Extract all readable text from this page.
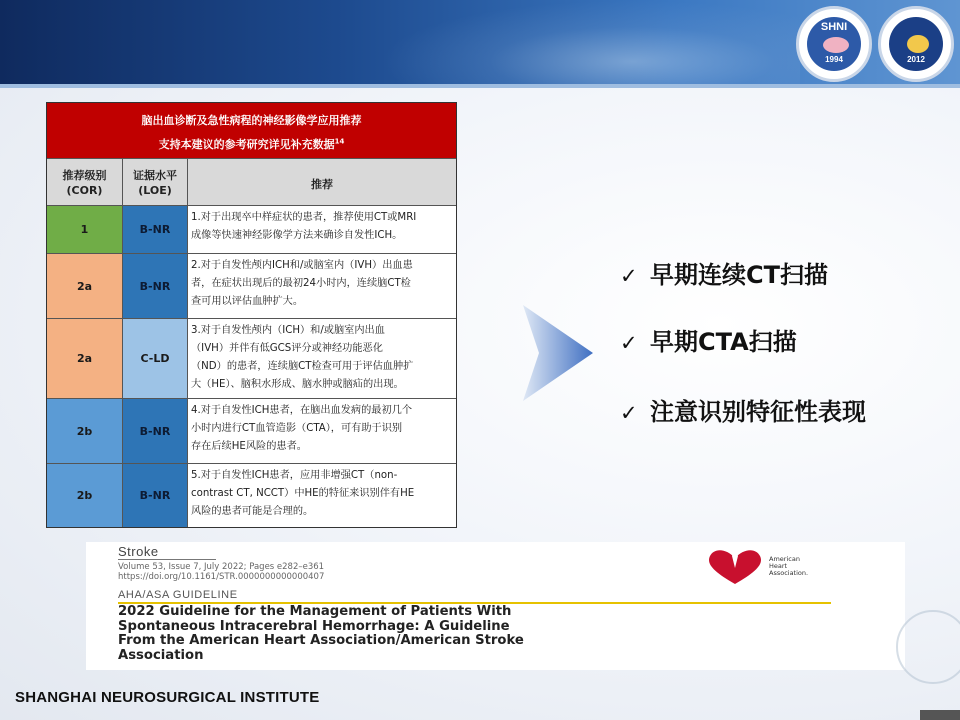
SHNI
1994	2012
脑出血诊断及急性病程的神经影像学应用推荐
支持本建议的参考研究详见补充数据$^{14}$
推荐级别
(COR)
证据水平
(LOE)	推荐
1	B-NR
1.对于出现卒中样症状的患者，推荐使用CT或MRI
成像等快速神经影像学方法来确诊自发性ICH。
2a	B-NR
2.对于自发性颅内ICH和/或脑室内（IVH）出血患
者，在症状出现后的最初24小时内，连续脑CT检
查可用以评估血肿扩大。
2a	C-LD
3.对于自发性颅内（ICH）和/或脑室内出血
（IVH）并伴有低GCS评分或神经功能恶化
（ND）的患者，连续脑CT检查可用于评估血肿扩
大（HE）、脑积水形成、脑水肿或脑疝的出现。
2b	B-NR
4.对于自发性ICH患者，在脑出血发病的最初几个
小时内进行CT血管造影（CTA），可有助于识别
存在后续HE风险的患者。
2b	B-NR
5.对于自发性ICH患者，应用非增强CT（non-
contrast CT, NCCT）中HE的特征来识别伴有HE
风险的患者可能是合理的。
✓ 早期连续CT扫描
✓ 早期CTA扫描
✓ 注意识别特征性表现
Stroke
Volume 53, Issue 7, July 2022; Pages e282–e361
https://doi.org/10.1161/STR.0000000000000407
AHA/ASA GUIDELINE
2022 Guideline for the Management of Patients With
Spontaneous Intracerebral Hemorrhage: A Guideline
From the American Heart Association/American Stroke
Association
American
Heart
Association.
SHANGHAI NEUROSURGICAL INSTITUTE
